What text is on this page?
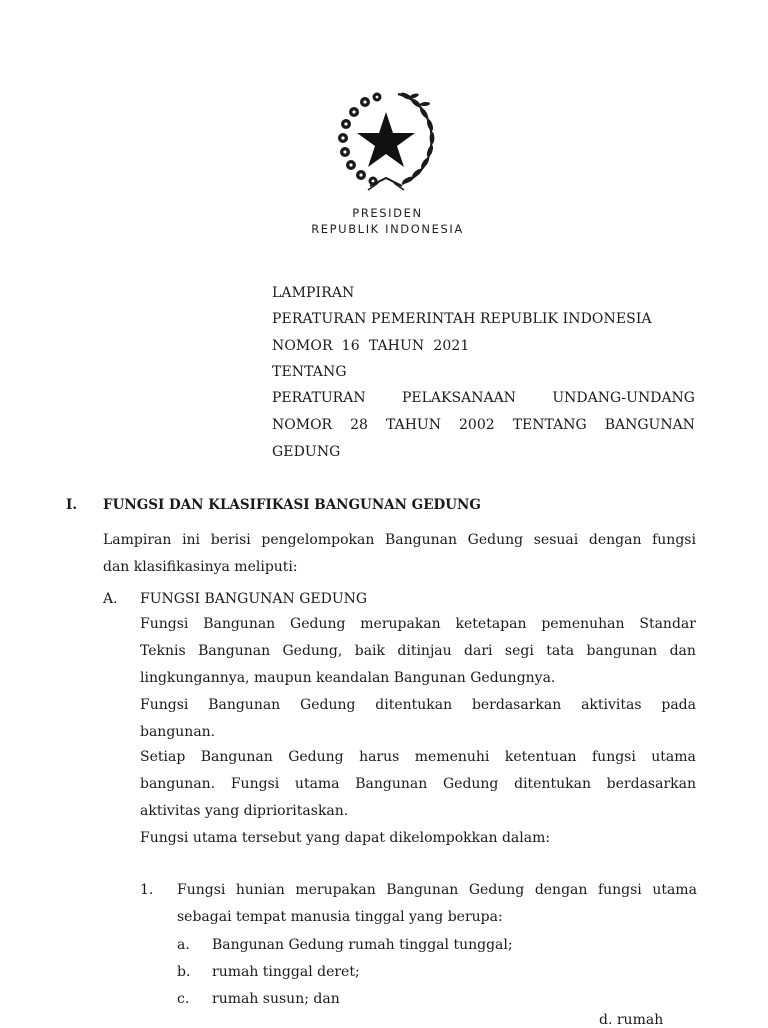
PRESIDEN
REPUBLIK INDONESIA
LAMPIRAN
PERATURAN PEMERINTAH REPUBLIK INDONESIA
NOMOR  16  TAHUN  2021
TENTANG
PERATURAN	PELAKSANAAN	UNDANG-UNDANG
NOMOR 28 TAHUN 2002 TENTANG BANGUNAN
GEDUNG
I. FUNGSI DAN KLASIFIKASI BANGUNAN GEDUNG
Lampiran ini berisi pengelompokan Bangunan Gedung sesuai dengan fungsi
dan klasifikasinya meliputi:
A. FUNGSI BANGUNAN GEDUNG
Fungsi Bangunan Gedung merupakan ketetapan pemenuhan Standar
Teknis Bangunan Gedung, baik ditinjau dari segi tata bangunan dan
lingkungannya, maupun keandalan Bangunan Gedungnya.
Fungsi Bangunan Gedung ditentukan berdasarkan aktivitas pada
bangunan.
Setiap Bangunan Gedung harus memenuhi ketentuan fungsi utama
bangunan. Fungsi utama Bangunan Gedung ditentukan berdasarkan
aktivitas yang diprioritaskan.
Fungsi utama tersebut yang dapat dikelompokkan dalam:
1. Fungsi hunian merupakan Bangunan Gedung dengan fungsi utama
sebagai tempat manusia tinggal yang berupa:
a. Bangunan Gedung rumah tinggal tunggal;
b. rumah tinggal deret;
c. rumah susun; dan
d. rumah
